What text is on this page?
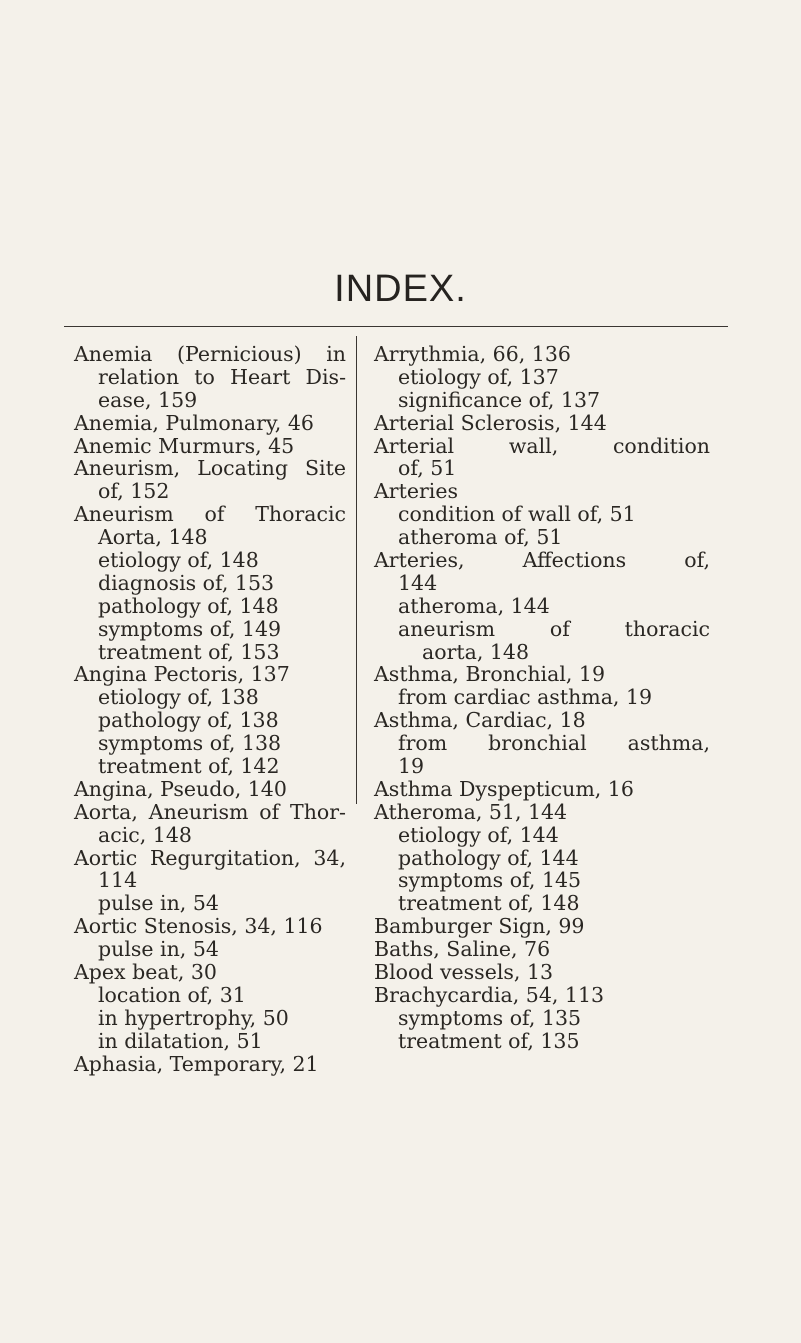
INDEX.
Anemia (Pernicious) in
relation to Heart Dis-
ease, 159
Anemia, Pulmonary, 46
Anemic Murmurs, 45
Aneurism, Locating Site
of, 152
Aneurism of Thoracic
Aorta, 148
etiology of, 148
diagnosis of, 153
pathology of, 148
symptoms of, 149
treatment of, 153
Angina Pectoris, 137
etiology of, 138
pathology of, 138
symptoms of, 138
treatment of, 142
Angina, Pseudo, 140
Aorta, Aneurism of Thor-
acic, 148
Aortic Regurgitation, 34,
114
pulse in, 54
Aortic Stenosis, 34, 116
pulse in, 54
Apex beat, 30
location of, 31
in hypertrophy, 50
in dilatation, 51
Aphasia, Temporary, 21
Arrythmia, 66, 136
etiology of, 137
significance of, 137
Arterial Sclerosis, 144
Arterial wall, condition
of, 51
Arteries
condition of wall of, 51
atheroma of, 51
Arteries, Affections of,
144
atheroma, 144
aneurism of thoracic
aorta, 148
Asthma, Bronchial, 19
from cardiac asthma, 19
Asthma, Cardiac, 18
from bronchial asthma,
19
Asthma Dyspepticum, 16
Atheroma, 51, 144
etiology of, 144
pathology of, 144
symptoms of, 145
treatment of, 148
Bamburger Sign, 99
Baths, Saline, 76
Blood vessels, 13
Brachycardia, 54, 113
symptoms of, 135
treatment of, 135
